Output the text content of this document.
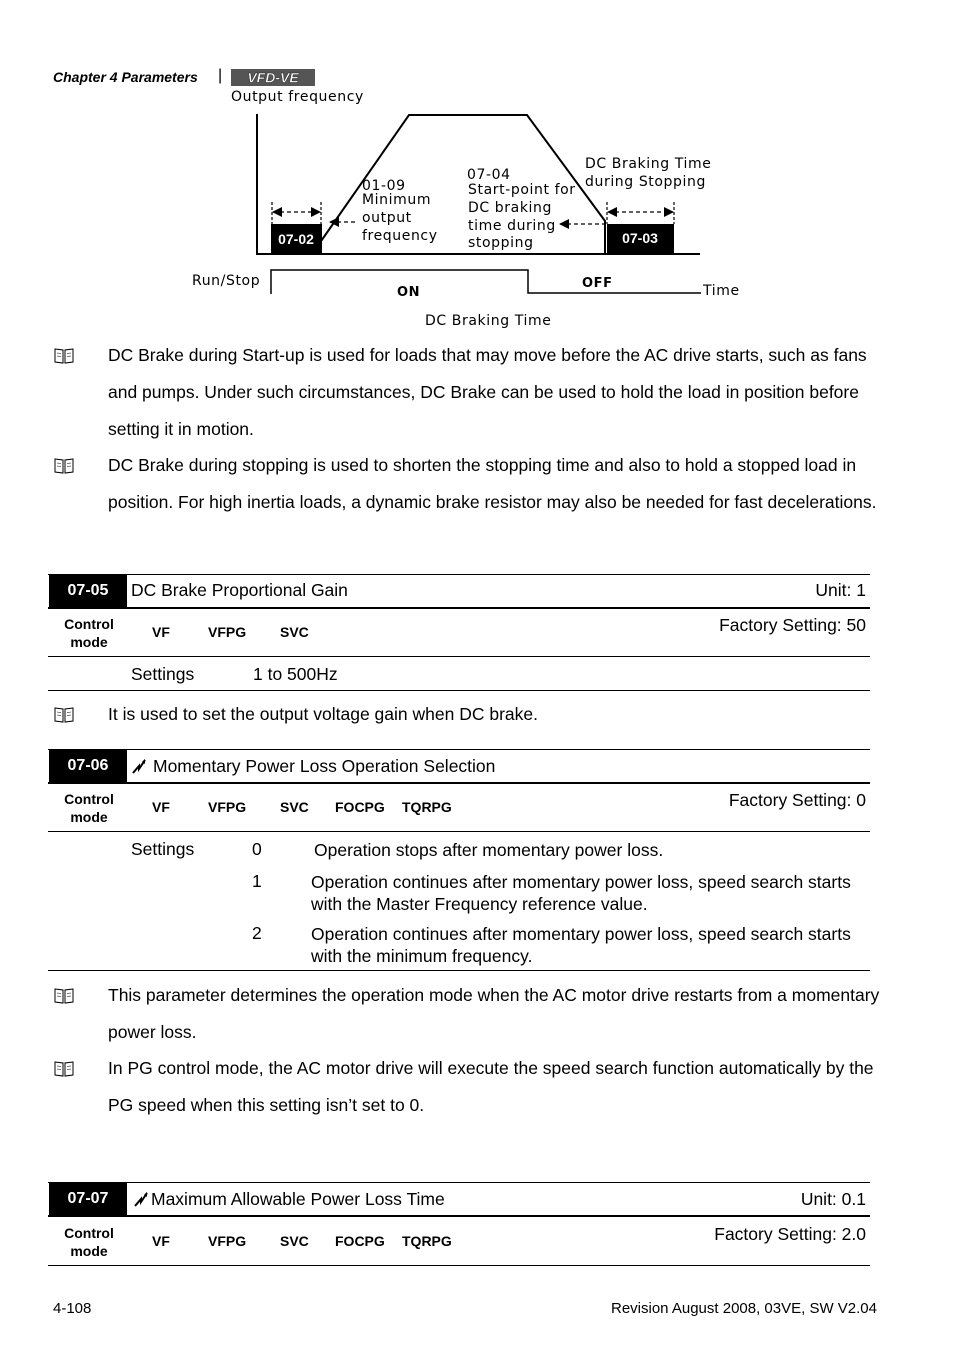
Chapter 4 Parameters | VFD-VE
07-02	07-03
Output frequency
01-09
Minimum
output
frequency
07-04
Start-point for
DC braking
time during
stopping
DC Braking Time
during Stopping
Run/Stop
ON
OFF	Time
DC Braking Time

DC Brake during Start-up is used for loads that may move before the AC drive starts, such as fans and pumps. Under such circumstances, DC Brake can be used to hold the load in position before setting it in motion.

DC Brake during stopping is used to shorten the stopping time and also to hold a stopped load in position. For high inertia loads, a dynamic brake resistor may also be needed for fast decelerations.

07-05	DC Brake Proportional Gain	Unit: 1
Control
mode
VF	VFPG SVC	Factory Setting: 50
Settings	1 to 500Hz

It is used to set the output voltage gain when DC brake.

07-06	Momentary Power Loss Operation Selection
Control
mode
VF	VFPG SVC FOCPG TQRPG	Factory Setting: 0
Settings	0	Operation stops after momentary power loss.
1	Operation continues after momentary power loss, speed search starts with the Master Frequency reference value.
2	Operation continues after momentary power loss, speed search starts with the minimum frequency.

This parameter determines the operation mode when the AC motor drive restarts from a momentary power loss.

In PG control mode, the AC motor drive will execute the speed search function automatically by the PG speed when this setting isn’t set to 0.

07-07	Maximum Allowable Power Loss Time	Unit: 0.1
Control
mode
VF	VFPG SVC FOCPG TQRPG	Factory Setting: 2.0
4-108	Revision August 2008, 03VE, SW V2.04
